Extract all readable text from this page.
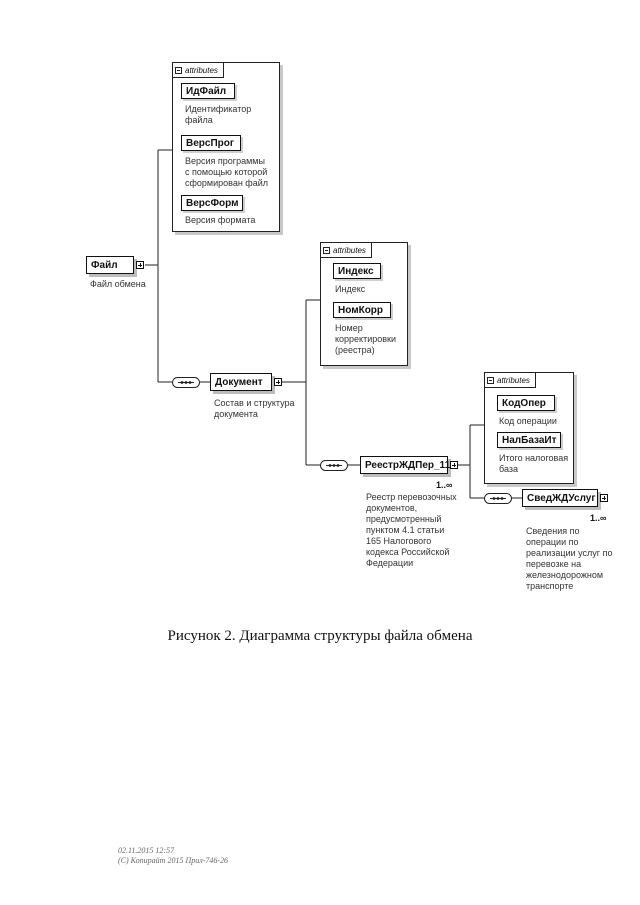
Файл
Файл обмена
attributes
ИдФайл
Идентификатор
файла
ВерсПрог
Версия программы
с помощью которой
сформирован файл
ВерсФорм
Версия формата
Документ
Состав и структура
документа
attributes
Индекс
Индекс
НомКорр
Номер
корректировки
(реестра)
РеестрЖДПер_11
1..∞
Реестр перевозочных
документов,
предусмотренный
пунктом 4.1 статьи
165 Налогового
кодекса Российской
Федерации
attributes
КодОпер
Код операции
НалБазаИт
Итого налоговая
база
СведЖДУслуг
1..∞
Сведения по
операции по
реализации услуг по
перевозке на
железнодорожном
транспорте
Рисунок 2. Диаграмма структуры файла обмена
02.11.2015 12:57
(С) Копирайт 2015 Прил-746-26
